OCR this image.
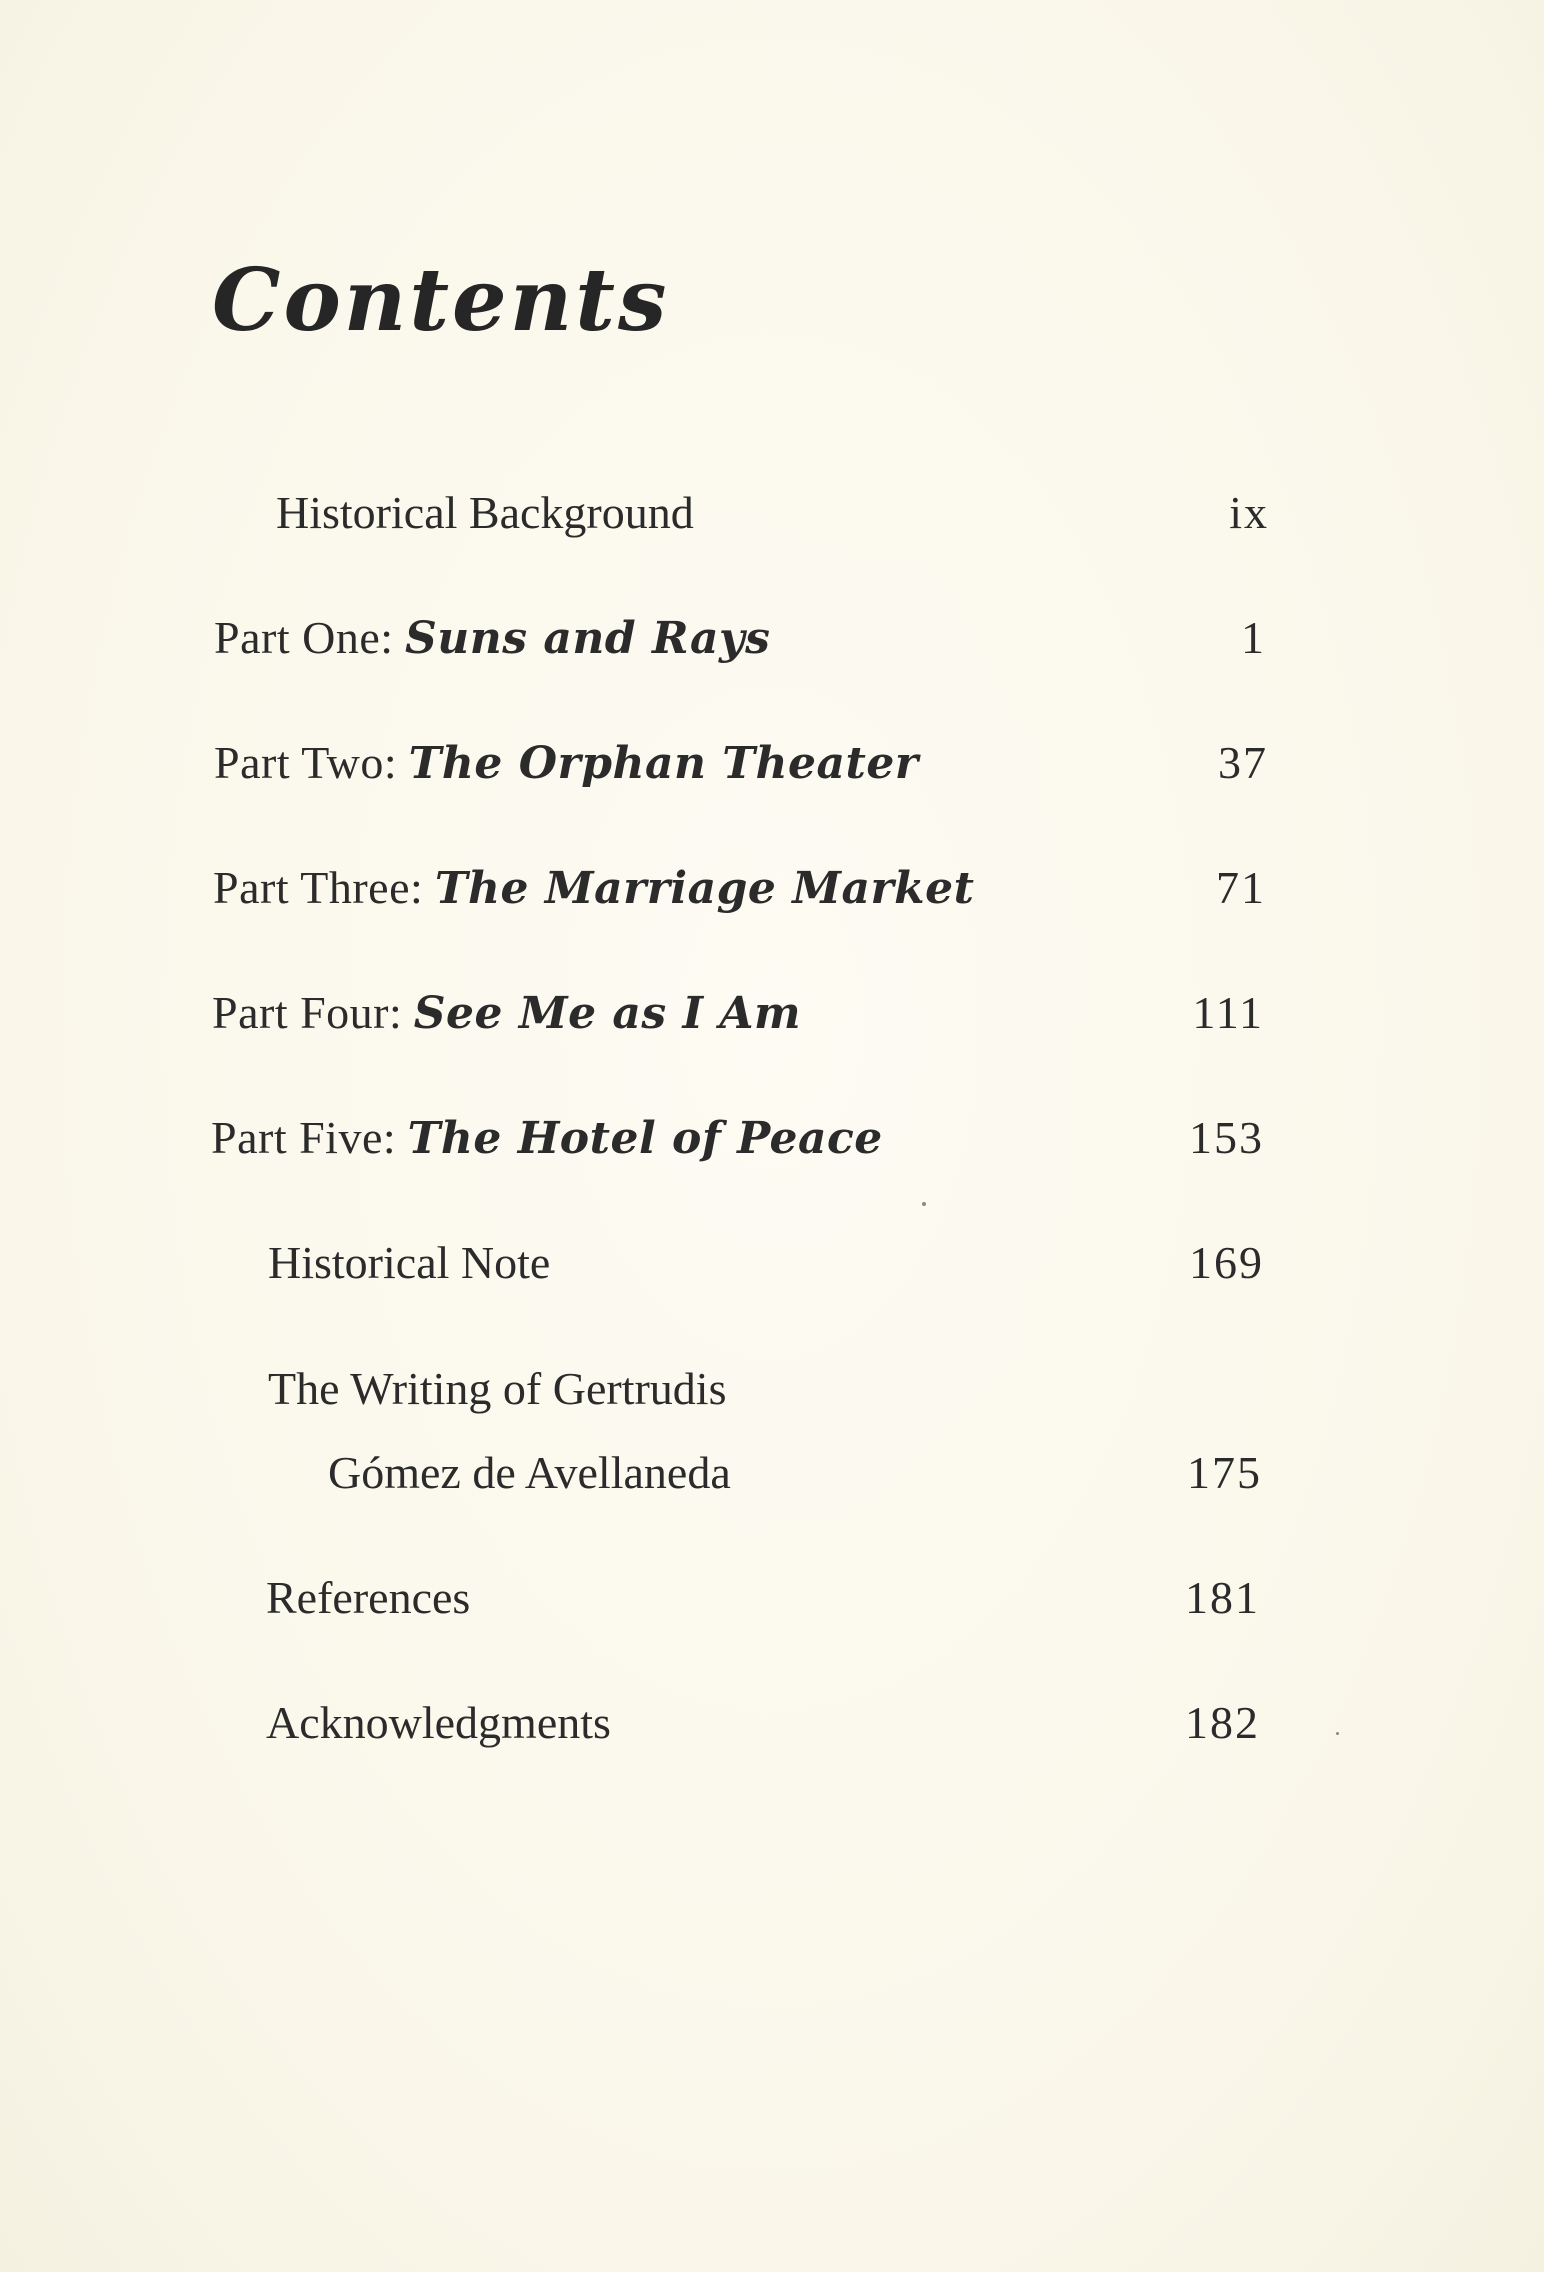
Contents
Historical Background	ix
Part One: Suns and Rays	1
Part Two: The Orphan Theater	37
Part Three: The Marriage Market	71
Part Four: See Me as I Am	111
Part Five: The Hotel of Peace	153
Historical Note	169
The Writing of Gertrudis
Gómez de Avellaneda	175
References	181
Acknowledgments	182
